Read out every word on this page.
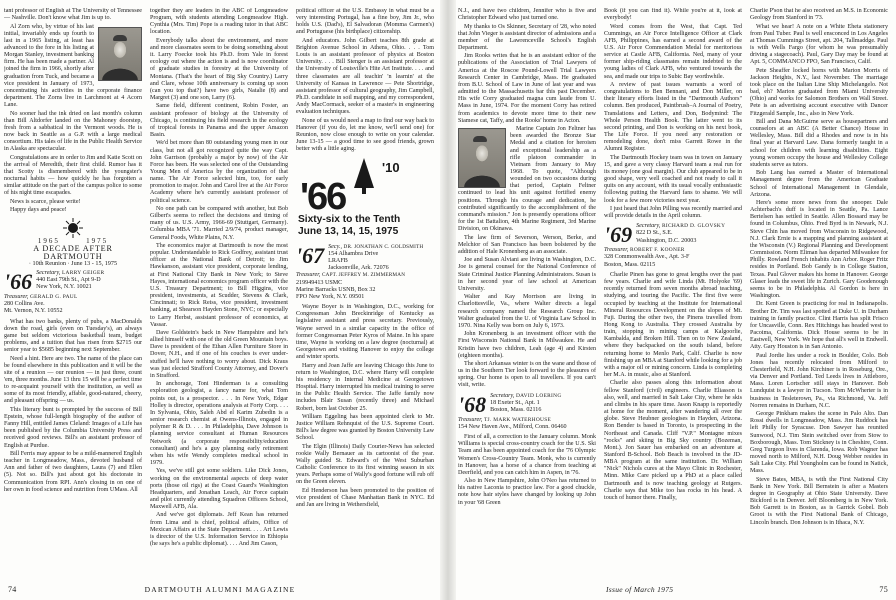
tant professor of English at The University of Tennessee — Nashville. Don't know what Jim is up to.

Al Zorn who, by virtue of his last initial, invariably ends up fourth to last in a 1965 listing, at least has advanced to the fore in his listing at Morgan Stanley, investment banking firm. He has been made a partner. Al joined the firm in 1966, shortly after graduation from Tuck, and became a vice president in January of 1973, concentrating his activities in the corporate finance department. The Zorns live in Larchmont at 4 Acorn Lane.

No sooner had the ink dried on last month's column than Bill Altdorfer landed on the Mahoney doorstep, fresh from a sabbatical in the Vermont woods. He is now back in Seattle as a G.P. with a large medical consortium. His tales of life in the Public Health Service in Alaska are spectacular.

Congratulations are in order to Jim and Katie Scott on the arrival of Meredith, their first child. Rumor has it that Scotty is dismembered with the youngster's nocturnal habits — how quickly he has forgotten a similar attitude on the part of the campus police to some of his night time escapades.

News is scarce, please write!

Happy days and peace!

1965       1975
A DECADE AFTER DARTMOUTH
· 10th Reunion · June 13 - 15, 1975
'66 Secretary, LARRY GEIGER
440 East 79th St., Apt 9-D
New York, N.Y. 10021
Treasurer, GERALD G. PAUL
280 Collins Ave.
Mt. Vernon, N.Y. 10552

What has two banks, plenty of pubs, a MacDonalds down the road, girls (even on Tuesday's), an always game but seldom victorious basketball team, budget problems, and a tuition that has risen from $2715 our senior year to $5685 beginning next September.

Need a hint. Here are two. The name of the place can be found elsewhere in this publication and it will be the site of a reunion — our reunion — in just three, count 'em, three months. June 13 thru 15 will be a perfect time to re-acquaint yourself with the institution, as well as some of its most friendly, affable, good-natured, cheery, and pleasant offspring — us.

This literary bunt is prompted by the success of Bill Epstein, whose full-length biography of the author of Fanny Hill, entitled James Cleland: Images of a Life has been published by the Columbia University Press and received good reviews. Bill's an assistant professor of English at Purdue.

Bill Ferris may appear to be a mild-mannered English teacher in Longmeadow, Mass., devoted husband of Ann and father of two daughters, Laura (7) and Ellen (5). Not so. Bill's just about got his doctorate in Communication from RPI. Ann's closing in on one of her own in food science and nutrition from UMass. All

together they are leaders in the ABC of Longmeadow Program, with students attending Longmeadow High. Cynthia (Mrs. Tim) Pope is a reading tutor in that ABC location.

Everybody talks about the environment, and more and more classmates seem to be doing something about it. Larry Foecke took his Ph.D. from Yale in forest ecology out where the action is and is now coordinator of graduate studies in forestry at the University of Montana. (That's the heart of Big Sky Country.) Larry and Clare, whose 10th anniversary is coming up soon (can you top that?) have two girls, Natalie (8) and Margret (3) and one son, Larry (6).

Same field, different continent, Robin Foster, an assistant professor of biology at the University of Chicago, is continuing his field research in the ecology of tropical forests in Panama and the upper Amazon Basin.

We'd bet more than 80 outstanding young men in our class, but not all got recognized quite the way Capt. John Garrison (probably a major by now) of the Air Force has been. He was selected one of the Outstanding Young Men of America by the organization of that name. The Air Force selected him, too, for early promotion to major. John and Carol live at the Air Force Academy where he's currently assistant professor of political science.

No one path can be compared with another, but Bob Gilbert's seems to reflect the decisions and timing of many of us. U.S. Army, 1966-69 (Stuttgart, Germany). Columbia MBA '71. Married 2/9/74, product manager, General Foods, White Plains, N.Y.

The economics major at Dartmouth is now the most popular. Understandable to Rick Godfrey, assistant trust officer at the National Bank of Detroit; to Jim Hawkanson, assistant vice president, corporate lending, at First National City Bank in New York; to Steve Hayes, international economics program officer with the U.S. Treasury Department; to Bill Higgins, vice president, investments, at Scudder, Stevens & Clark, Cincinnati; to Rick Reiss, vice president, investment banking, at Shearson Hayden Stone, NYC; or especially to Larry Herbst, assistant professor of economics, at Vassar.

Dave Goldstein's back in New Hampshire and he's allied himself with one of the old Green Mountain boys. Dave is president of the Ethan Allen Furniture Store in Dover, N.H., and if one of his couches is ever under-stuffed he'll have nothing to worry about. Dick Kraus was just elected Strafford County Attorney, and Dover's in Strafford.

In anchorage, Toni Hinderman is a consulting exploration geologist, a fancy name for, what Tom points out, is a prospector. . . . In New York, Edgar Holley is director, operations analysis at Forty Corp. . . . In Sylvania, Ohio, Saleh Abd el Karim Zubedin is a senior research chemist at Owens-Illinois, engaged in polymer R & D. . . . In Philadelphia, Dave Johnson is planning service consultant at Human Resources Network (a corporate responsibility/education consultant) and he's a guy planning early retirement when his wife Wendy completes medical school in 1979.

Yes, we've still got some soldiers. Like Dick Jones, working on the environmental aspects of deep water ports (those oil rigs) at the Coast Guard's Washington Headquarters, and Jonathan Leach, Air Force captain and pilot currently attending Squadron Officers School, Maxwell AFB, Ala.

And we've got diplomats. Jeff Kean has returned from Lima and is chief, political affairs, Office of Mexican Affairs at the State Department. . . . Art Lewis is director of the U.S. Information Service in Ethiopia (he says he's a public diplomat). . . . And Jim Cason,

political officer at the U.S. Embassy in what must be a very interesting Portugal, has a fine boy, Jim Jr., who holds U.S. (Dad's), El Salvadoran (Momma Carmen's) and Portuguese (his birthplace) citizenship.

And educators. John Gilbert teaches 8th grade at Brighton Avenue School in Athens, Ohio. . . . Tom Louis is an assistant professor of physics at Boston University. . . . Bill Stenger is an assistant professor at the University of Louisville's Hite Art Institute. . . . and three classmates are all teachin' 'n learnin' at the University of Kansas in Lawrence — Pete Shortridge, assistant professor of cultural geography, Jim Campbell, Ph.D. candidate in soil mapping, and my correspondent, Andy MacCormack, seeker of a master's in engineering evaluation techniques.

None of us would need a map to find our way back to Hanover (if you do, let me know, we'll send one) for Reunion, now close enough to write on your calendar. June 13-15 — a good time to see good friends, grown better with a little aging.

'10
'66
Sixty-six to the Tenth
June 13, 14, 15, 1975
'67 Secy., DR. JONATHAN C. GOLDSMITH
154 Alhambra Drive
LRAFB
Jacksonville, Ark. 72076
Treasurer, CAPT. JEFFREY M. ZIMMERMAN
219949413 USMC
Marine Barracks USNB, Box 32
FPO New York, N.Y. 09501

Wayne Boyer is in Washington, D.C., working for Congressman John Breckinridge of Kentucky as legislative assistant and press secretary. Previously, Wayne served in a similar capacity in the office of former Congressman Peter Kyros of Maine. In his spare time, Wayne is working on a law degree (nocturnal) at Georgetown and visiting Hanover to enjoy the college and winter sports.

Harry and Joan Jaffe are leaving Chicago this June to return to Washington, D.C. where Harry will complete his residency in Internal Medicine at Georgetown Hospital. Harry interrupted his medical training to serve in the Public Health Service. The Jaffe family now includes Blair Susan (recently three) and Michael Robert, born last October 25.

William Eggeling has been appointed clerk to Mr. Justice William Rehnquist of the U.S. Supreme Court. Bill's law degree was granted by Boston University Law School.

The Elgin (Illinois) Daily Courier-News has selected rookie Wally Bernauer as its cartoonist of the year. Wally guided St. Edward's of the West Suburban Catholic Conference to its first winning season in six years. Perhaps some of Wally's good fortune will rub off on the Green eleven.

Ed Henderson has been promoted to the position of vice president of Chase Manhattan Bank in NYC. Ed and Jan are living in Wethersfield,

74	DARTMOUTH ALUMNI MAGAZINE

N.J., and have two children, Jennifer who is five and Christopher Edward who just turned one.

My thanks to Os Skinner, Secretary of '28, who noted that John Vieger is assistant director of admissions and a member of the Lawrenceville School's English Department.

Jim Rooks writes that he is an assistant editor of the publications of the Association of Trial Lawyers of America at the Roscoe Pound-Lowell Trial Lawyers Research Center in Cambridge, Mass. He graduated from B.U. School of Law in June of last year and was admitted to the Massachusetts bar this past December. His wife Corry graduated magna cum laude from U. Mass in June, 1974. For the moment Corry has retired from academics to devote more time to their new Siamese cat, Taffy, and the Rooks' home in Acton.

Marine Captain Jon Feltner has been awarded the Bronze Star Medal and a citation for heroism and exceptional leadership as a rifle platoon commander in Vietnam from January to May 1968. To quote, "Although wounded on two occasions during that period, Captain Feltner continued to lead his unit against fortified enemy positions. Through his courage and dedication, he contributed significantly to the accomplishment of the command's mission." Jon is presently operations officer for the 1st Battalion, 4th Marine Regiment, 3rd Marine Division, on Okinawa.

The law firm of Severson, Werson, Berke, and Melchior of San Francisco has been bolstered by the addition of Hale Kronenberg as an associate.

Joe and Susan Alviani are living in Washington, D.C. Joe is general counsel for the National Conference of State Criminal Justice Planning Administrators. Susan is in her second year of law school at American University.

Walter and Kay Morrison are living in Charlottesville, Va., where Walter directs a legal research company named the Research Group Inc. Walter graduated from the U. of Virginia Law School in 1970. Nina Kelly was born on July 6, 1973.

John Kronenberg is an investment officer with the First Wisconsin National Bank in Milwaukee. He and Kristin have two children, Leah (age 4) and Kirsten (eighteen months).

The short Arkansas winter is on the wane and those of us in the Southern Tier look forward to the pleasures of spring. Our home is open to all travellers. If you can't visit, write.

'68 Secretary, DAVID LOERING
18 Exeter St., Apt. 1
Boston, Mass. 02116
Treasurer, TJ. MARK WATERHOUSE
154 New Haven Ave., Milford, Conn. 06460

First of all, a correction to the January column. Monk Williams is special cross-country coach for the U.S. Ski Team and has been appointed coach for the '76 Olympic Women's Cross-Country Team. Monk, who is currently in Hanover, has a horse of a chance from teaching at Deerfield, and you can catch him in Aspen, in '76.

Also in New Hampshire, John O'Neo has returned to his native Laconia to practice law. For a good chuckle, note how hair styles have changed by looking up John in your '68 Green

Book (if you can find it). While you're at it, look at everybody!

Word comes from the West, that Capt. Ted Cummings, an Air Force Intelligence Officer at Clark AFB, Philippines, has earned a second award of the U.S. Air Force Commendation Medal for meritorious service at Castle AFB, California. Ned, many of your former ship-riding classmates remain indebted to the young ladies of Clark AFB, who ventured towards the sea, and made our trips to Subic Bay worthwhile.

A review of past issues warrants a word of congratulations to Ben Bennani, and Don Miller, on their literary efforts listed in the "Dartmouth Authors" column. Ben produced, Paintbrush–A Journal of Poetry, Translations and Letters, and Don, Bodymind: The Whole Person Health Book. The latter went to its second printing, and Don is working on his next book, The Life Force. If you need any restoration or remodeling done, don't miss Garrett Rowe in the Alumni Register.

The Dartmouth Hockey team was in town on January 15, and gave a very classy Harvard team a real run for its money (one goal margin). Our club appeared to be in good shape, very well coached and not ready to call it quits on any account, with its usual vocally enthusiastic following putting the Harvard fans to shame. We will look for a few more victories next year.

I just heard that John Pilling was recently married and will provide details in the April column.

'69 Secretary, RICHARD D. GLOVSKY
822 D St., S.E.
Washington, D.C. 20003
Treasurer, ROBERT F. KOONER
328 Commonwealth Ave., Apt. 3-F
Boston, Mass. 02115

Charlie Pinen has gone to great lengths over the past few years. Charlie and wife Linda (Mt. Holyoke '69) recently returned from seven months abroad teaching, studying, and touring the Pacific. The first five were occupied by teaching at the Institute for International Mineral Resources Development on the slopes of Mt. Fuji. During the other two, the Pinens travelled from Hong Kong to Australia. They crossed Australia by train, stopping in mining camps at Kalgoorlie, Kambalda, and Broken Hill. Then on to New Zealand, where they backpacked on the south island, before returning home to Menlo Park, Calif. Charlie is now finishing up an MBA at Stanford while looking for a job with a major oil or mining concern. Linda is completing her M.A. in music, also at Stanford.

Charlie also passes along this information about fellow Stanford (civil) engineers. Charlie Eliasson is also, well, and married in Salt Lake City, where he skis and climbs in his spare time. Jason Knapp is reportedly at home for the moment, after wandering all over the globe. Steve Heubner geologises in Hayden, Arizona. Ron Bender is based in Toronto, is prospecting in the Northeast and Canada. Cliff "V.P." Montagne mixes "rocks" and skiing in Big Sky country (Bozeman, Mont.). Jon Sauer has embarked on an adventure at Stanford B-School. Bob Beach is involved in the JD-MBA program at the same institution. Dr. William "Nick" Nichols cures at the Mayo Clinic in Rochester, Minn. Mike Care picked up a PhD at a place called Dartmouth and is now teaching geology at Rutgers. Charlie says that Mike too has rocks in his head. A touch of humor there. Finally,

Charlie P'son that he also received an M.S. in Economic Geology from Stanford in '73.

What we hear! A note on a White Eheta stationery from Paul Tuber. Paul is well ensconced in Los Angeles at Thomas Cummings Street, apt. 204, Tallmaddge. Paul is with Wells Fargo (for whom he was presumably driving a stagecoach). Paul, Gary Day may be found at Apt. 5, COMMANCO FPO, San Francisco, Calif.

Pete Sheaffer locked horns with Marion Morris of Jackson Heights, N.Y., last November. The marriage took place on the Italian Line Ship Michelangelo. Not bad, eh? Marion graduated from Miami University (Ohio) and works for Salomon Brothers on Wall Street. Pete is an advertising account executive with Dancer Fitzgerald Sample, Inc., also in New York.

Bill and Dana McGuirne serve as housepartners and counselors at an ABC (A Better Chance) House in Wellesley, Mass. Bill did a Rhodes and now is in his final year at Harvard Law. Dana formerly taught in a school for children with learning disabilities. Eight young women occupy the house and Wellesley College students serve as tutors.

Bob Lang has earned a Master of International Management degree from the American Graduate School of International Management in Glendale, Arizona.

Here's some more news from the snooper. Dale Achterbach's duff is located in Seattle, Pa. Lance Bertelsen has settled in Seattle. Allen Bossard may be found in Columbus, Ohio. Fred Byrd is in Newark, N.J. Steve Chin has moved from Wisconsin to Ridgewood, N.J. Clark Ernie is a mapping and planning assistant at the Wisconsin (V.) Regional Planning and Development Commission. Norm Eliman has departed Milwaukee for Philly. Rowland French inhabits Ann Arbor. Roger Fritz resides in Portland. Bob Gandy is in College Station, Texas. Paul Glover makes his home in Hanover. George Glaser leads the sweet life in Zurich. Gary Goodenough seems to be in Philadelphia. Al Gordon is here in Washington.

Dr. Kent Green is practicing for real in Indianapolis. Brother Dr. Tim was last spotted at Duke U. in Durham training in family practice. Clint Harris has split Frisco for Uncasville, Conn. Rex Hitchings has headed west to Pacoima, California. Dick House seems to be in Eastwell, New York. We hope that all's well in Endwell. Atty. Gary Houston is in San Antonio.

Paul Jordie lies under a rock in Boulder, Colo. Bob Jones has recently relocated from Milford to Chesterfield, N.H. John Kirchiner is in Roseburg, Ore., via Denver and Portland. Ted Leeds lives in Attleboro, Mass. Loren Lortscher still stays in Hanover. Bob Lundquist is a lawyer in Tucson. Tom McWherter is in business in Tesleterown, Pa., via Richmond, Va. Jeff Norren remains in Durham, N.C.

George Pinkham makes the scene in Palo Alto. Dan Rossi dwells in Longmeadow, Mass. Jim Ruddock has left Philly for Syracuse. Don Sawyer has reunited Sunwood, N.J. Tim Stein switched over from Stow to Boxborough, Mass. Tom Stickney is in Cheshire, Conn. Greg Turgeon lives in Clarenda, Iowa. Rob Wagner has moved north to Milford, N.H. Doug Webber resides in Salt Lake City. Phil Youngholm can be found in Natick, Mass.

Steve Bates, MBA, is with the First National City Bank in New York. Bill Bernstein is after a Masters degree in Geography at Ohio State University. Dave Bickford is in Denver. Jeff Bloomberg is in New York. Bob Garrett is in Boston, as is Garrick Gobel. Bob Groot is with the First National Bank of Chicago, Lincoln branch. Don Johnson is in Ithaca, N.Y.

Issue of March 1975	75
